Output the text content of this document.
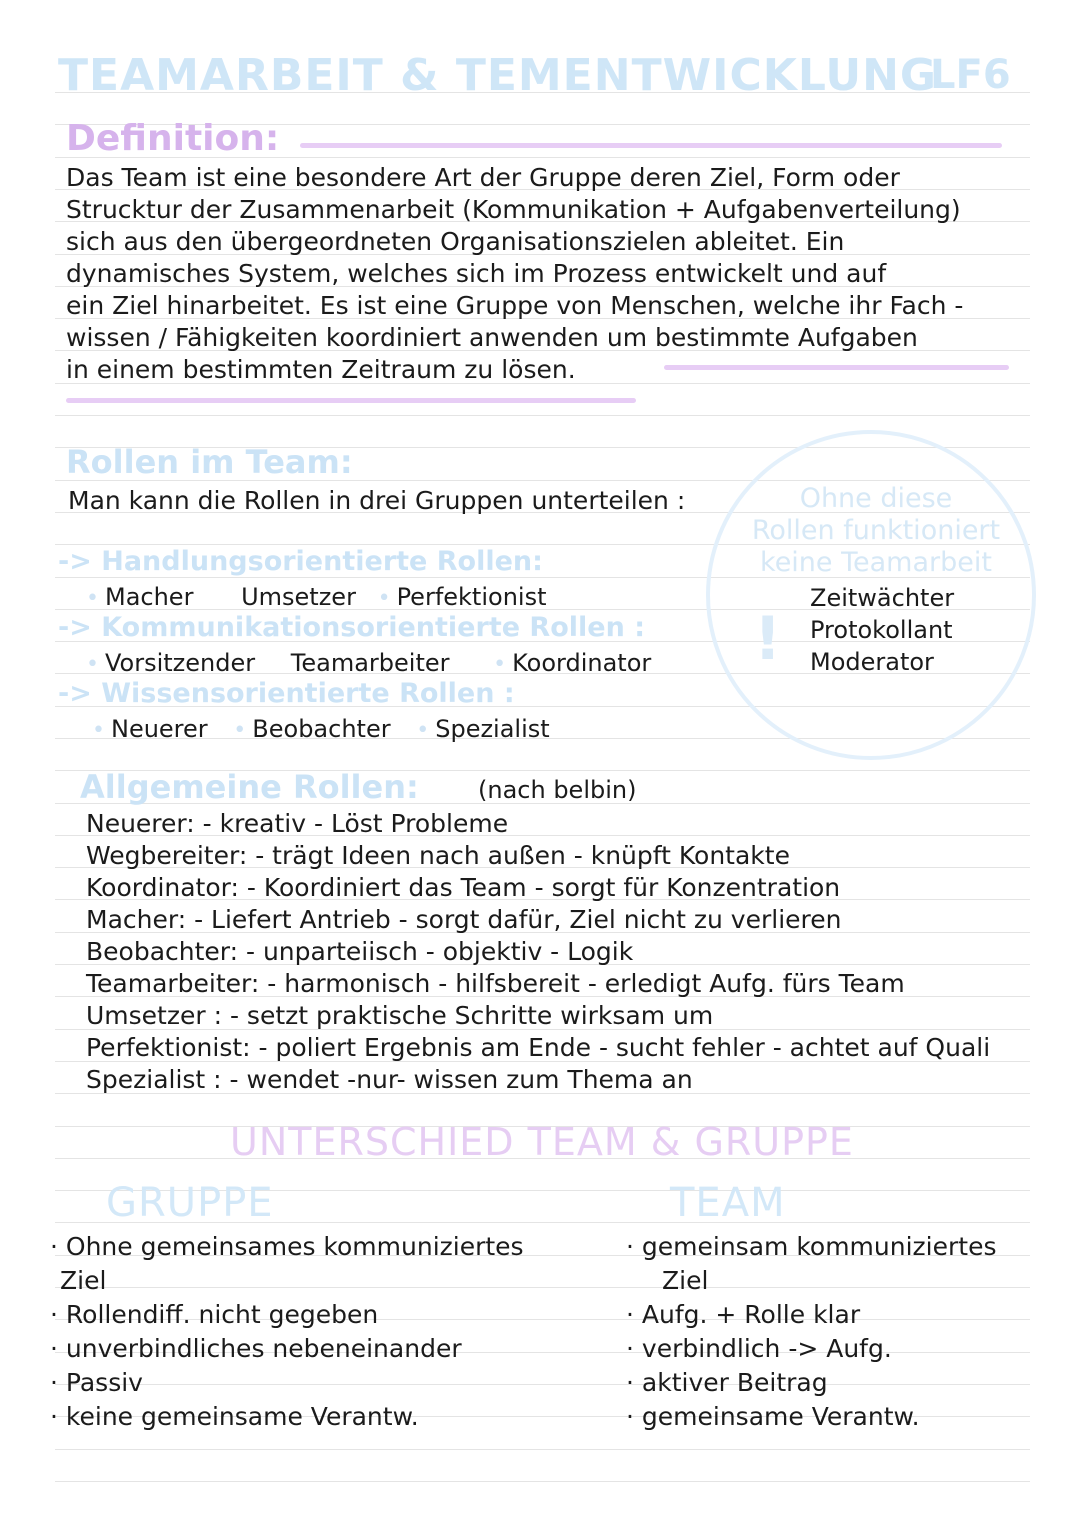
TEAMARBEIT & TEMENTWICKLUNG
LF6
Definition:
Das Team ist eine besondere Art der Gruppe deren Ziel, Form oder
Strucktur der Zusammenarbeit (Kommunikation + Aufgabenverteilung)
sich aus den übergeordneten Organisationszielen ableitet. Ein
dynamisches System, welches sich im Prozess entwickelt und auf
ein Ziel hinarbeitet. Es ist eine Gruppe von Menschen, welche ihr Fach -
wissen / Fähigkeiten koordiniert anwenden um bestimmte Aufgaben
in einem bestimmten Zeitraum zu lösen.
Rollen im Team:
Man kann die Rollen in drei Gruppen unterteilen :
-> Handlungsorientierte Rollen:
• Macher Umsetzer • Perfektionist
-> Kommunikationsorientierte Rollen :
• Vorsitzender Teamarbeiter • Koordinator
-> Wissensorientierte Rollen :
• Neuerer • Beobachter • Spezialist
Ohne diese
Rollen funktioniert
keine Teamarbeit
!
Zeitwächter
Protokollant
Moderator
Allgemeine Rollen: (nach belbin)
Neuerer: - kreativ - Löst Probleme
Wegbereiter: - trägt Ideen nach außen - knüpft Kontakte
Koordinator: - Koordiniert das Team - sorgt für Konzentration
Macher: - Liefert Antrieb - sorgt dafür, Ziel nicht zu verlieren
Beobachter: - unparteiisch - objektiv - Logik
Teamarbeiter: - harmonisch - hilfsbereit - erledigt Aufg. fürs Team
Umsetzer : - setzt praktische Schritte wirksam um
Perfektionist: - poliert Ergebnis am Ende - sucht fehler - achtet auf Quali
Spezialist : - wendet -nur- wissen zum Thema an
UNTERSCHIED TEAM & GRUPPE
GRUPPE	TEAM
· Ohne gemeinsames kommuniziertes
Ziel
· Rollendiff. nicht gegeben
· unverbindliches nebeneinander
· Passiv
· keine gemeinsame Verantw.
· gemeinsam kommuniziertes
Ziel
· Aufg. + Rolle klar
· verbindlich -> Aufg.
· aktiver Beitrag
· gemeinsame Verantw.
